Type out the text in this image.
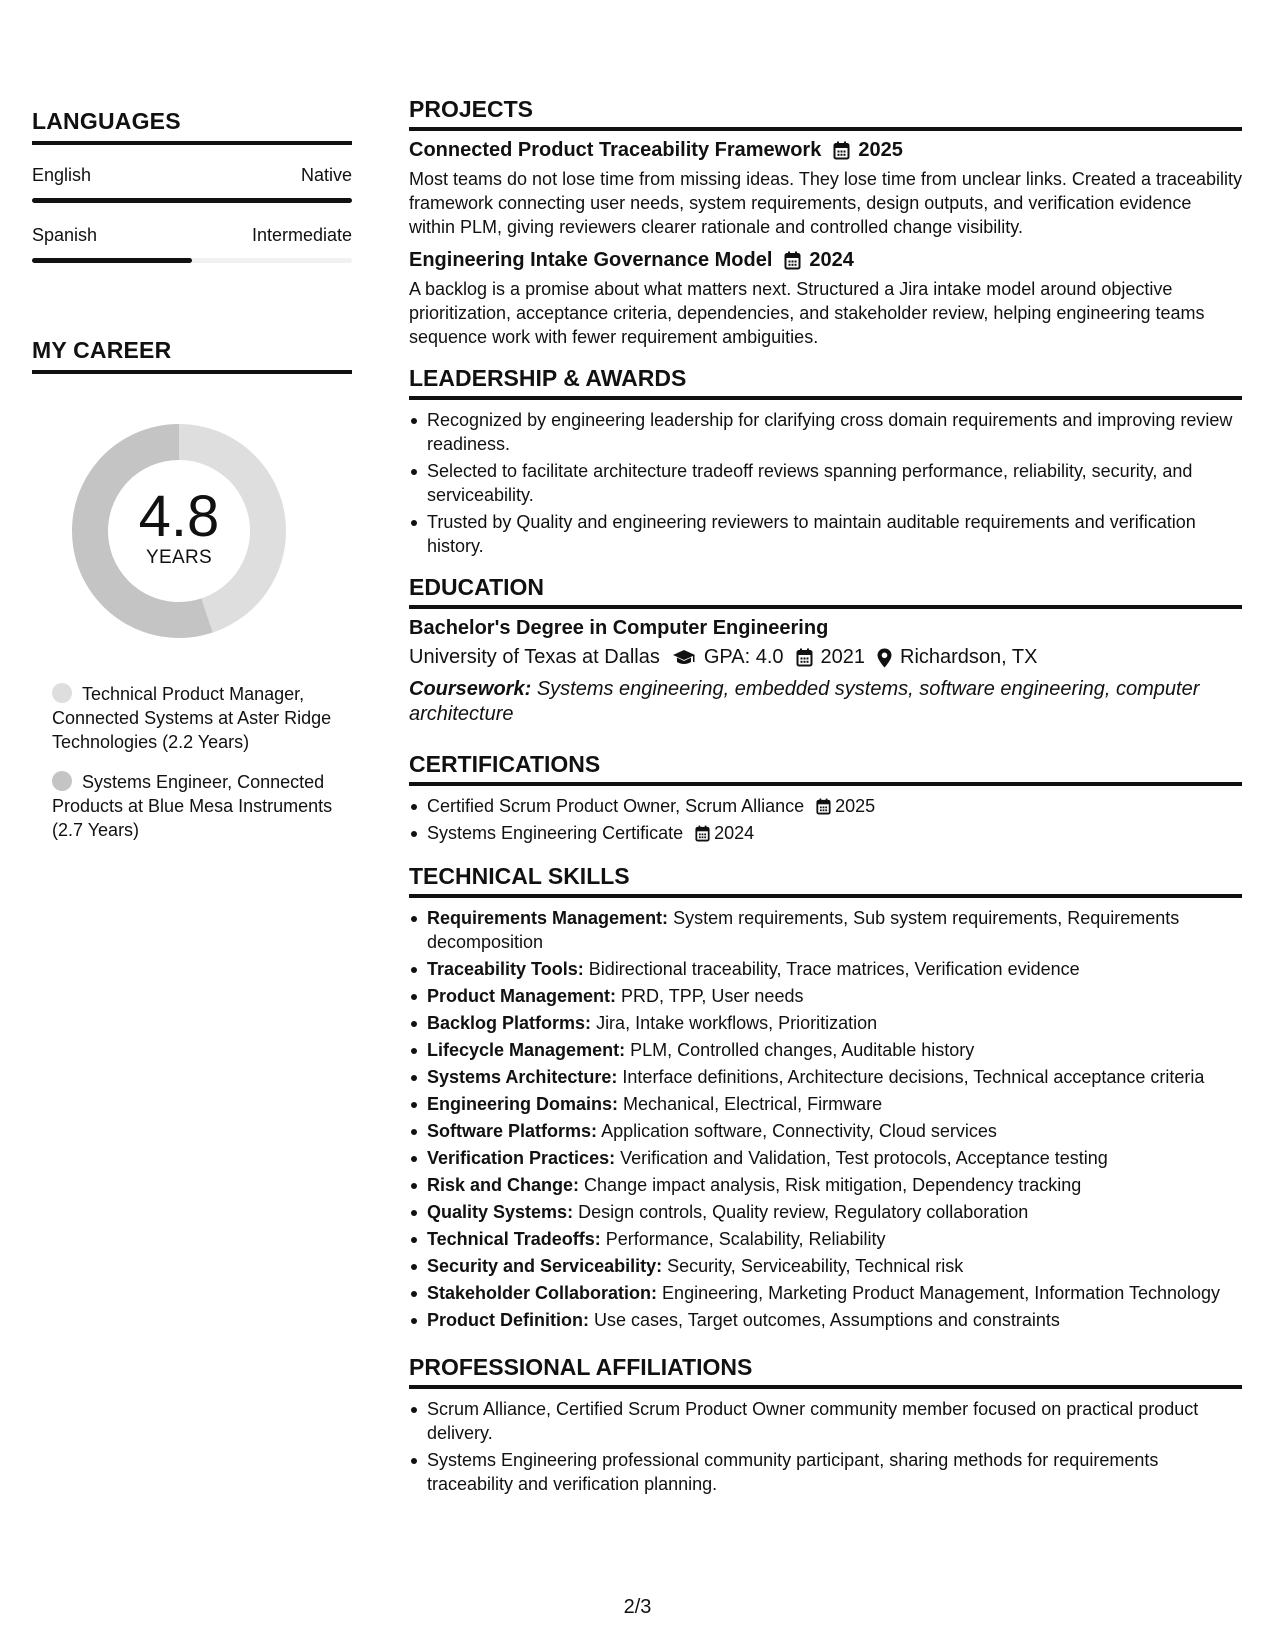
LANGUAGES
English	Native
Spanish	Intermediate
MY CAREER
4.8
YEARS
Technical Product Manager, Connected Systems at Aster Ridge Technologies (2.2 Years)
Systems Engineer, Connected Products at Blue Mesa Instruments (2.7 Years)
PROJECTS
Connected Product Traceability Framework 2025
Most teams do not lose time from missing ideas. They lose time from unclear links. Created a traceability framework connecting user needs, system requirements, design outputs, and verification evidence within PLM, giving reviewers clearer rationale and controlled change visibility.
Engineering Intake Governance Model 2024
A backlog is a promise about what matters next. Structured a Jira intake model around objective prioritization, acceptance criteria, dependencies, and stakeholder review, helping engineering teams sequence work with fewer requirement ambiguities.
LEADERSHIP & AWARDS
Recognized by engineering leadership for clarifying cross domain requirements and improving review readiness.
Selected to facilitate architecture tradeoff reviews spanning performance, reliability, security, and serviceability.
Trusted by Quality and engineering reviewers to maintain auditable requirements and verification history.
EDUCATION
Bachelor's Degree in Computer Engineering
University of Texas at Dallas GPA: 4.0 2021 Richardson, TX
Coursework: Systems engineering, embedded systems, software engineering, computer architecture
CERTIFICATIONS
Certified Scrum Product Owner, Scrum Alliance 2025
Systems Engineering Certificate 2024
TECHNICAL SKILLS
Requirements Management: System requirements, Sub system requirements, Requirements decomposition
Traceability Tools: Bidirectional traceability, Trace matrices, Verification evidence
Product Management: PRD, TPP, User needs
Backlog Platforms: Jira, Intake workflows, Prioritization
Lifecycle Management: PLM, Controlled changes, Auditable history
Systems Architecture: Interface definitions, Architecture decisions, Technical acceptance criteria
Engineering Domains: Mechanical, Electrical, Firmware
Software Platforms: Application software, Connectivity, Cloud services
Verification Practices: Verification and Validation, Test protocols, Acceptance testing
Risk and Change: Change impact analysis, Risk mitigation, Dependency tracking
Quality Systems: Design controls, Quality review, Regulatory collaboration
Technical Tradeoffs: Performance, Scalability, Reliability
Security and Serviceability: Security, Serviceability, Technical risk
Stakeholder Collaboration: Engineering, Marketing Product Management, Information Technology
Product Definition: Use cases, Target outcomes, Assumptions and constraints
PROFESSIONAL AFFILIATIONS
Scrum Alliance, Certified Scrum Product Owner community member focused on practical product delivery.
Systems Engineering professional community participant, sharing methods for requirements traceability and verification planning.
2/3
